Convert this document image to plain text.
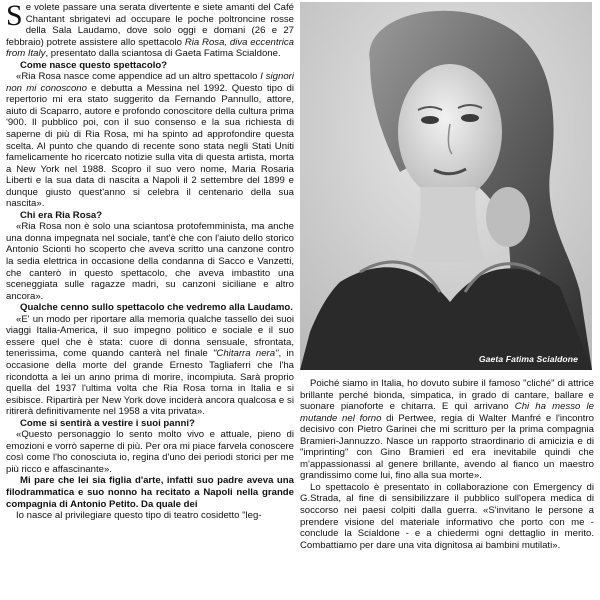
Se volete passare una serata divertente e siete amanti del Café Chantant sbrigatevi ad occupare le poche poltroncine rosse della Sala Laudamo, dove solo oggi e domani (26 e 27 febbraio) potrete assistere allo spettacolo Ria Rosa, diva eccentrica from Italy, presentato dalla sciantosa di Gaeta Fatima Scialdone.

Come nasce questo spettacolo?

«Ria Rosa nasce come appendice ad un altro spettacolo I signori non mi conoscono e debutta a Messina nel 1992. Questo tipo di repertorio mi era stato suggerito da Fernando Pannullo, attore, aiuto di Scaparro, autore e profondo conoscitore della cultura prima '900. Il pubblico poi, con il suo consenso e la sua richiesta di saperne di più di Ria Rosa, mi ha spinto ad approfondire questa scelta. Al punto che quando di recente sono stata negli Stati Uniti famelicamente ho ricercato notizie sulla vita di questa artista, morta a New York nel 1988. Scopro il suo vero nome, Maria Rosaria Liberti e la sua data di nascita a Napoli il 2 settembre del 1899 e dunque giusto quest'anno si celebra il centenario della sua nascita».

Chi era Ria Rosa?

«Ria Rosa non è solo una sciantosa protofemminista, ma anche una donna impegnata nel sociale, tant'è che con l'aiuto dello storico Antonio Scionti ho scoperto che aveva scritto una canzone contro la sedia elettrica in occasione della condanna di Sacco e Vanzetti, che canterò in questo spettacolo, che aveva imbastito una sceneggiata sulle ragazze madri, su canzoni siciliane e altro ancora».

Qualche cenno sullo spettacolo che vedremo alla Laudamo.

«E' un modo per riportare alla memoria qualche tassello dei suoi viaggi Italia-America, il suo impegno politico e sociale e il suo essere quel che è stata: cuore di donna sensuale, sfrontata, tenerissima, come quando canterà nel finale "Chitarra nera", in occasione della morte del grande Ernesto Tagliaferri che l'ha ricondotta a lei un anno prima di morire, incompiuta. Sarà proprio quella del 1937 l'ultima volta che Ria Rosa torna in Italia e si esibisce. Ripartirà per New York dove inciderà ancora qualcosa e si ritirerà definitivamente nel 1958 a vita privata».

Come si sentirà a vestire i suoi panni?

«Questo personaggio lo sento molto vivo e attuale, pieno di emozioni e vorrò saperne di più. Per ora mi piace farvela conoscere così come l'ho conosciuta io, regina d'uno dei periodi storici per me più ricco e affascinante».

Mi pare che lei sia figlia d'arte, infatti suo padre aveva una filodrammatica e suo nonno ha recitato a Napoli nella grande compagnia di Antonio Petito. Da quale dei

Io nasce al privilegiare questo tipo di teatro cosidetto "leg-

Gaeta Fatima Scialdone

Poiché siamo in Italia, ho dovuto subire il famoso "cliché" di attrice brillante perché bionda, simpatica, in grado di cantare, ballare e suonare pianoforte e chitarra. E quì arrivano Chi ha messo le mutande nel forno di Pertwee, regia di Walter Manfré e l'incontro decisivo con Pietro Garinei che mi scritturo per la prima compagnia Bramieri-Jannuzzo. Nasce un rapporto straordinario di amicizia e di "imprinting" con Gino Bramieri ed era inevitabile quindi che m'appassionassi al genere brillante, avendo al fianco un maestro grandissimo come lui, fino alla sua morte».

Lo spettacolo è presentato in collaborazione con Emergency di G.Strada, al fine di sensibilizzare il pubblico sull'opera medica di soccorso nei paesi colpiti dalla guerra. «S'invitano le persone a prendere visione del materiale informativo che porto con me - conclude la Scialdone - e a chiedermi ogni dettaglio in merito. Combattiamo per dare una vita dignitosa ai bambini mutilati».
